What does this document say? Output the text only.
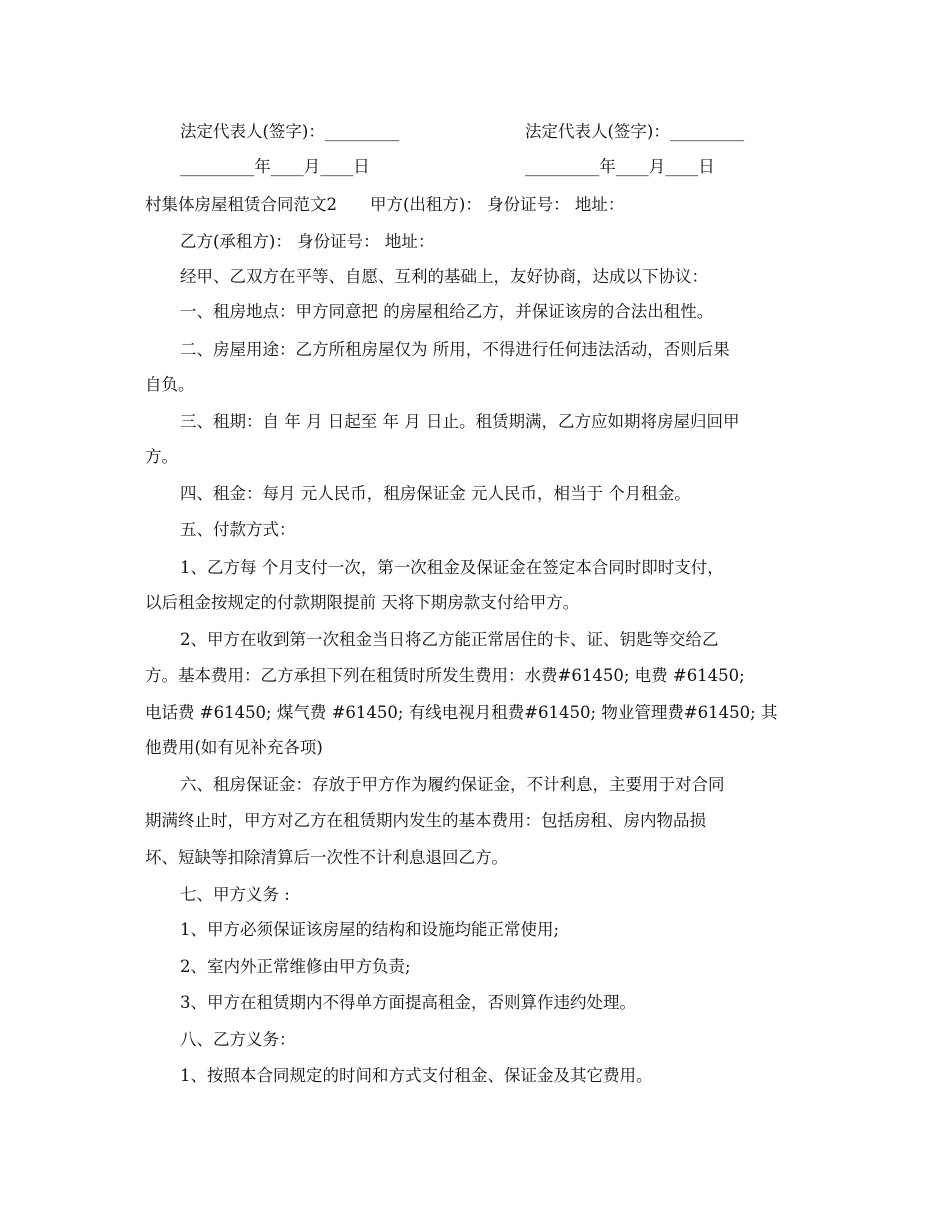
法定代表人(签字)：_________	法定代表人(签字)：_________
_________年____月____日	_________年____月____日
村集体房屋租赁合同范文2　　甲方(出租方)： 身份证号： 地址：
乙方(承租方)： 身份证号： 地址：
经甲、乙双方在平等、自愿、互利的基础上，友好协商，达成以下协议：
一、租房地点：甲方同意把 的房屋租给乙方，并保证该房的合法出租性。
二、房屋用途：乙方所租房屋仅为 所用，不得进行任何违法活动，否则后果
自负。
三、租期：自 年 月 日起至 年 月 日止。租赁期满，乙方应如期将房屋归回甲
方。
四、租金：每月 元人民币，租房保证金 元人民币，相当于 个月租金。
五、付款方式：
1、乙方每 个月支付一次，第一次租金及保证金在签定本合同时即时支付，
以后租金按规定的付款期限提前 天将下期房款支付给甲方。
2、甲方在收到第一次租金当日将乙方能正常居住的卡、证、钥匙等交给乙
方。基本费用：乙方承担下列在租赁时所发生费用：水费#61450; 电费 #61450;
电话费 #61450; 煤气费 #61450; 有线电视月租费#61450; 物业管理费#61450; 其
他费用(如有见补充各项)
六、租房保证金：存放于甲方作为履约保证金，不计利息，主要用于对合同
期满终止时，甲方对乙方在租赁期内发生的基本费用：包括房租、房内物品损
坏、短缺等扣除清算后一次性不计利息退回乙方。
七、甲方义务 :
1、甲方必须保证该房屋的结构和设施均能正常使用;
2、室内外正常维修由甲方负责;
3、甲方在租赁期内不得单方面提高租金，否则算作违约处理。
八、乙方义务：
1、按照本合同规定的时间和方式支付租金、保证金及其它费用。
